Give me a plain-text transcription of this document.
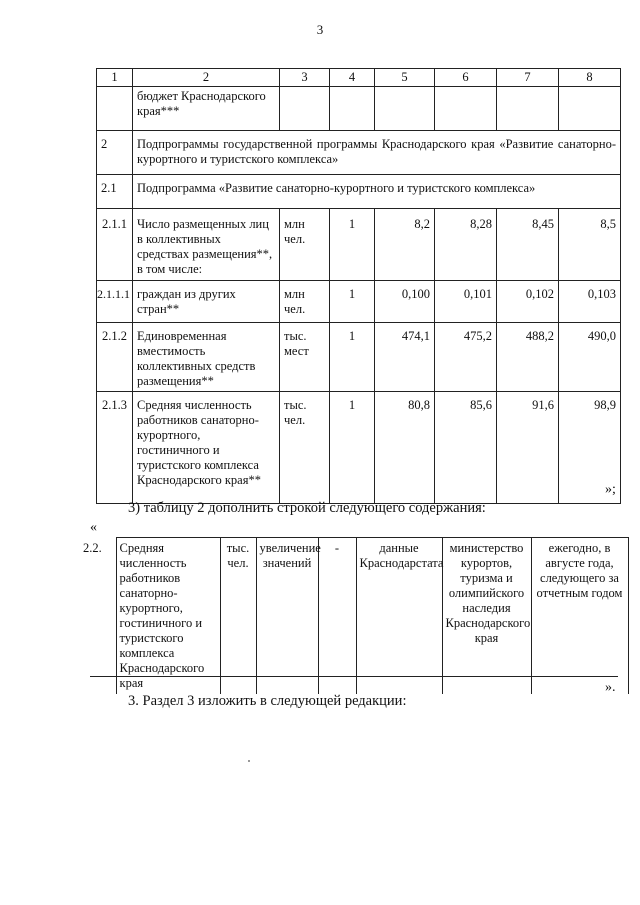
3
1	2	3	4	5	6	7	8
	бюджет Краснодарского края***						
2	Подпрограммы государственной программы Краснодарского края «Развитие санаторно-курортного и туристского комплекса»						
2.1	Подпрограмма «Развитие санаторно-курортного и туристского комплекса»						
2.1.1	Число размещенных лиц в коллективных средствах размещения**, в том числе:	млн чел.	1	8,2	8,28	8,45	8,5
2.1.1.1	граждан из других стран**	млн чел.	1	0,100	0,101	0,102	0,103
2.1.2	Единовременная вместимость коллективных средств размещения**	тыс. мест	1	474,1	475,2	488,2	490,0
2.1.3	Средняя численность работников санаторно-курортного, гостиничного и туристского комплекса Краснодарского края**	тыс. чел.	1	80,8	85,6	91,6	98,9
»;
3) таблицу 2 дополнить строкой следующего содержания:
«
2.2.	Средняя численность работников санаторно-курортного, гостиничного и туристского комплекса Краснодарского края	тыс. чел.	увеличение значений	-	данные Краснодарстата	министерство курортов, туризма и олимпийского наследия Краснодарского края	ежегодно, в августе года, следующего за отчетным годом
».
3. Раздел 3 изложить в следующей редакции:
